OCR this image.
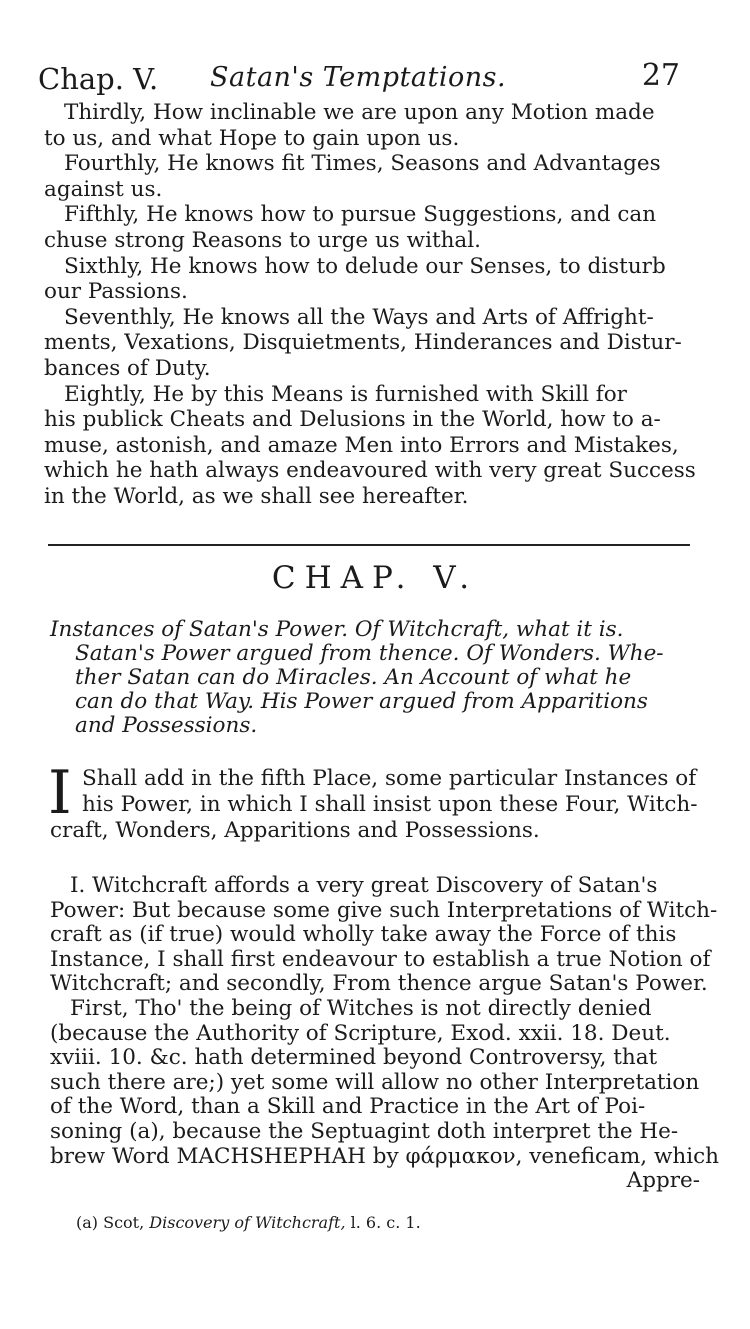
Chap. V. Satan's Temptations.	27
Thirdly, How inclinable we are upon any Motion made
to us, and what Hope to gain upon us.
Fourthly, He knows fit Times, Seasons and Advantages
against us.
Fifthly, He knows how to pursue Suggestions, and can
chuse strong Reasons to urge us withal.
Sixthly, He knows how to delude our Senses, to disturb
our Passions.
Seventhly, He knows all the Ways and Arts of Affright-
ments, Vexations, Disquietments, Hinderances and Distur-
bances of Duty.
Eightly, He by this Means is furnished with Skill for
his publick Cheats and Delusions in the World, how to a-
muse, astonish, and amaze Men into Errors and Mistakes,
which he hath always endeavoured with very great Success
in the World, as we shall see hereafter.
CHAP. V.
Instances of Satan's Power. Of Witchcraft, what it is.
Satan's Power argued from thence. Of Wonders. Whe-
ther Satan can do Miracles. An Account of what he
can do that Way. His Power argued from Apparitions
and Possessions.
I Shall add in the fifth Place, some particular Instances of
his Power, in which I shall insist upon these Four, Witch-
craft, Wonders, Apparitions and Possessions.
I. Witchcraft affords a very great Discovery of Satan's
Power: But because some give such Interpretations of Witch-
craft as (if true) would wholly take away the Force of this
Instance, I shall first endeavour to establish a true Notion of
Witchcraft; and secondly, From thence argue Satan's Power.
First, Tho' the being of Witches is not directly denied
(because the Authority of Scripture, Exod. xxii. 18. Deut.
xviii. 10. &c. hath determined beyond Controversy, that
such there are;) yet some will allow no other Interpretation
of the Word, than a Skill and Practice in the Art of Poi-
soning (a), because the Septuagint doth interpret the He-
brew Word MACHSHEPHAH by φάρμακον, veneficam, which
Appre-
(a) Scot, Discovery of Witchcraft, l. 6. c. 1.
